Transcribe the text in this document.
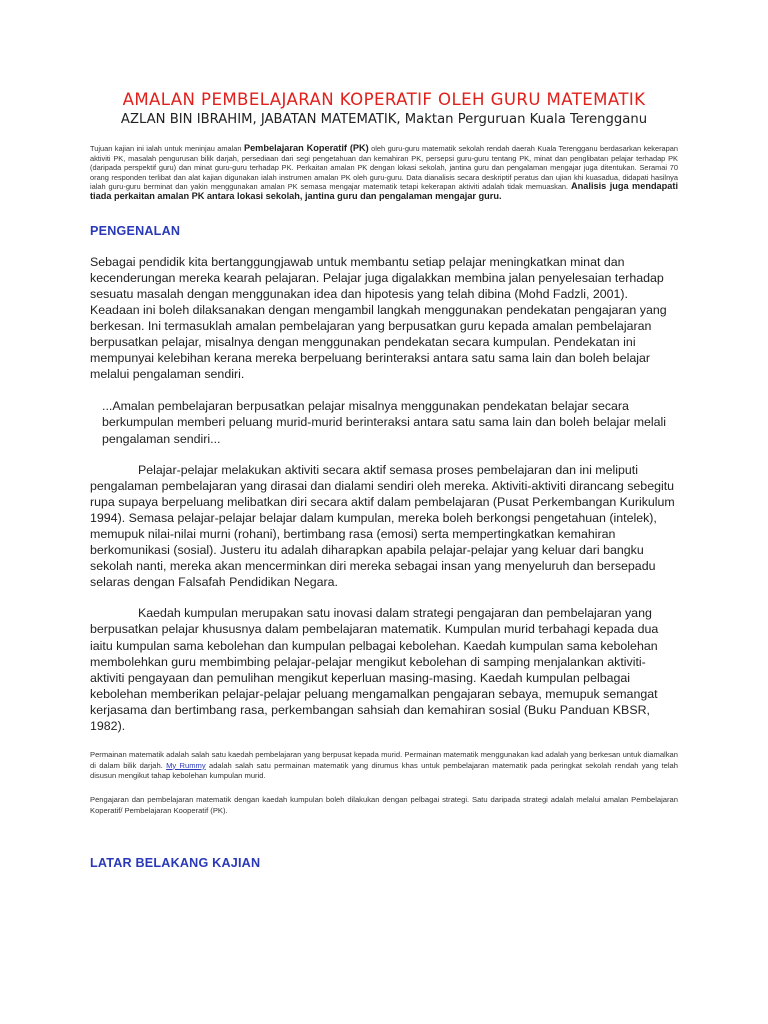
AMALAN PEMBELAJARAN KOPERATIF OLEH GURU MATEMATIK
AZLAN BIN IBRAHIM, JABATAN MATEMATIK, Maktan Perguruan Kuala Terengganu
Tujuan kajian ini ialah untuk meninjau amalan Pembelajaran Koperatif (PK) oleh guru-guru matematik sekolah rendah daerah Kuala Terengganu berdasarkan kekerapan aktiviti PK, masalah pengurusan bilik darjah, persediaan dari segi pengetahuan dan kemahiran PK, persepsi guru-guru tentang PK, minat dan penglibatan pelajar terhadap PK (daripada perspektif guru) dan minat guru-guru terhadap PK. Perkaitan amalan PK dengan lokasi sekolah, jantina guru dan pengalaman mengajar juga ditentukan. Seramai 70 orang responden terlibat dan alat kajian digunakan ialah instrumen amalan PK oleh guru-guru. Data dianalisis secara deskriptif peratus dan ujian khi kuasadua, didapati hasilnya ialah guru-guru berminat dan yakin menggunakan amalan PK semasa mengajar matematik tetapi kekerapan aktiviti adalah tidak memuaskan. Analisis juga mendapati tiada perkaitan amalan PK antara lokasi sekolah, jantina guru dan pengalaman mengajar guru.
PENGENALAN

Sebagai pendidik kita bertanggungjawab untuk membantu setiap pelajar meningkatkan minat dan kecenderungan mereka kearah pelajaran. Pelajar juga digalakkan membina jalan penyelesaian terhadap sesuatu masalah dengan menggunakan idea dan hipotesis yang telah dibina (Mohd Fadzli, 2001). Keadaan ini boleh dilaksanakan dengan mengambil langkah menggunakan pendekatan pengajaran yang berkesan. Ini termasuklah amalan pembelajaran yang berpusatkan guru kepada amalan pembelajaran berpusatkan pelajar, misalnya dengan menggunakan pendekatan secara kumpulan. Pendekatan ini mempunyai kelebihan kerana mereka berpeluang berinteraksi antara satu sama lain dan boleh belajar melalui pengalaman sendiri.

...Amalan pembelajaran berpusatkan pelajar misalnya menggunakan pendekatan belajar secara berkumpulan memberi peluang murid-murid berinteraksi antara satu sama lain dan boleh belajar melali pengalaman sendiri...

Pelajar-pelajar melakukan aktiviti secara aktif semasa proses pembelajaran dan ini meliputi pengalaman pembelajaran yang dirasai dan dialami sendiri oleh mereka. Aktiviti-aktiviti dirancang sebegitu rupa supaya berpeluang melibatkan diri secara aktif dalam pembelajaran (Pusat Perkembangan Kurikulum 1994). Semasa pelajar-pelajar belajar dalam kumpulan, mereka boleh berkongsi pengetahuan (intelek), memupuk nilai-nilai murni (rohani), bertimbang rasa (emosi) serta mempertingkatkan kemahiran berkomunikasi (sosial). Justeru itu adalah diharapkan apabila pelajar-pelajar yang keluar dari bangku sekolah nanti, mereka akan mencerminkan diri mereka sebagai insan yang menyeluruh dan bersepadu selaras dengan Falsafah Pendidikan Negara.

Kaedah kumpulan merupakan satu inovasi dalam strategi pengajaran dan pembelajaran yang berpusatkan pelajar khususnya dalam pembelajaran matematik. Kumpulan murid terbahagi kepada dua iaitu kumpulan sama kebolehan dan kumpulan pelbagai kebolehan. Kaedah kumpulan sama kebolehan membolehkan guru membimbing pelajar-pelajar mengikut kebolehan di samping menjalankan aktiviti-aktiviti pengayaan dan pemulihan mengikut keperluan masing-masing. Kaedah kumpulan pelbagai kebolehan memberikan pelajar-pelajar peluang mengamalkan pengajaran sebaya, memupuk semangat kerjasama dan bertimbang rasa, perkembangan sahsiah dan kemahiran sosial (Buku Panduan KBSR, 1982).

Permainan matematik adalah salah satu kaedah pembelajaran yang berpusat kepada murid. Permainan matematik menggunakan kad adalah yang berkesan untuk diamalkan di dalam bilik darjah. My Rummy adalah salah satu permainan matematik yang dirumus khas untuk pembelajaran matematik pada peringkat sekolah rendah yang telah disusun mengikut tahap kebolehan kumpulan murid.

Pengajaran dan pembelajaran matematik dengan kaedah kumpulan boleh dilakukan dengan pelbagai strategi. Satu daripada strategi adalah melalui amalan Pembelajaran Koperatif/ Pembelajaran Kooperatif (PK).

LATAR BELAKANG KAJIAN
